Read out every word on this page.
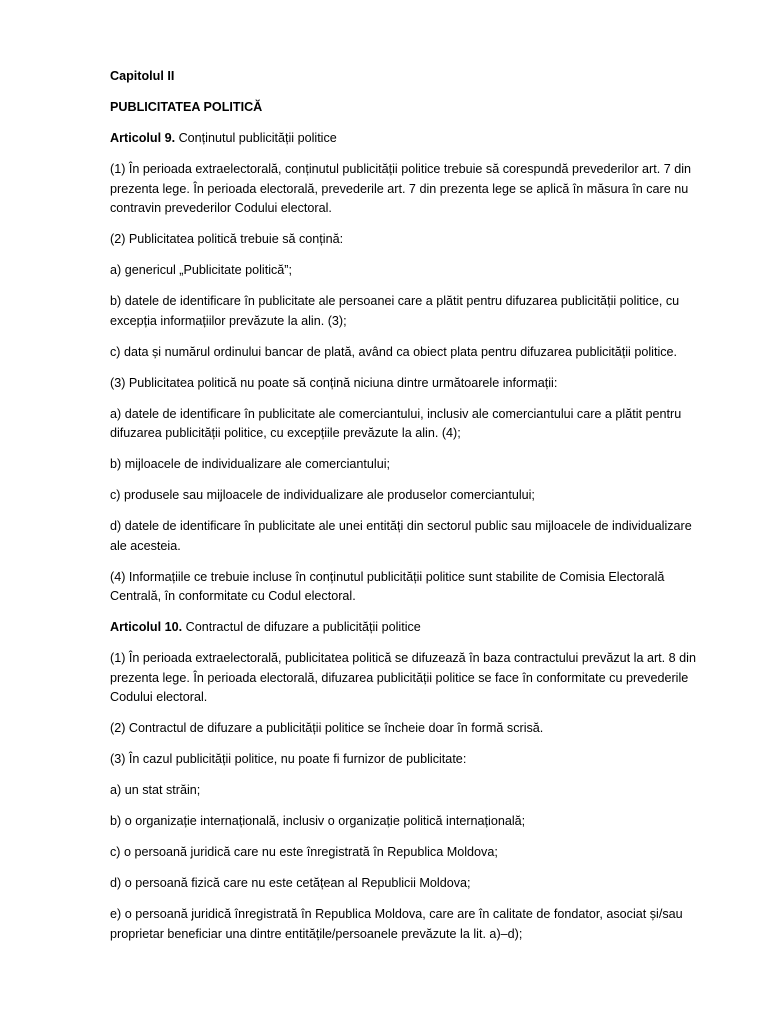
Capitolul II

PUBLICITATEA POLITICĂ

Articolul 9. Conținutul publicității politice

(1) În perioada extraelectorală, conținutul publicității politice trebuie să corespundă prevederilor art. 7 din prezenta lege. În perioada electorală, prevederile art. 7 din prezenta lege se aplică în măsura în care nu contravin prevederilor Codului electoral.

(2) Publicitatea politică trebuie să conțină:

a) genericul „Publicitate politică”;

b) datele de identificare în publicitate ale persoanei care a plătit pentru difuzarea publicității politice, cu excepția informațiilor prevăzute la alin. (3);

c) data și numărul ordinului bancar de plată, având ca obiect plata pentru difuzarea publicității politice.

(3) Publicitatea politică nu poate să conțină niciuna dintre următoarele informații:

a) datele de identificare în publicitate ale comerciantului, inclusiv ale comerciantului care a plătit pentru difuzarea publicității politice, cu excepțiile prevăzute la alin. (4);

b) mijloacele de individualizare ale comerciantului;

c) produsele sau mijloacele de individualizare ale produselor comerciantului;

d) datele de identificare în publicitate ale unei entități din sectorul public sau mijloacele de individualizare ale acesteia.

(4) Informațiile ce trebuie incluse în conținutul publicității politice sunt stabilite de Comisia Electorală Centrală, în conformitate cu Codul electoral.

Articolul 10. Contractul de difuzare a publicității politice

(1) În perioada extraelectorală, publicitatea politică se difuzează în baza contractului prevăzut la art. 8 din prezenta lege. În perioada electorală, difuzarea publicității politice se face în conformitate cu prevederile Codului electoral.

(2) Contractul de difuzare a publicității politice se încheie doar în formă scrisă.

(3) În cazul publicității politice, nu poate fi furnizor de publicitate:

a) un stat străin;

b) o organizație internațională, inclusiv o organizație politică internațională;

c) o persoană juridică care nu este înregistrată în Republica Moldova;

d) o persoană fizică care nu este cetățean al Republicii Moldova;

e) o persoană juridică înregistrată în Republica Moldova, care are în calitate de fondator, asociat și/sau proprietar beneficiar una dintre entitățile/persoanele prevăzute la lit. a)–d);
